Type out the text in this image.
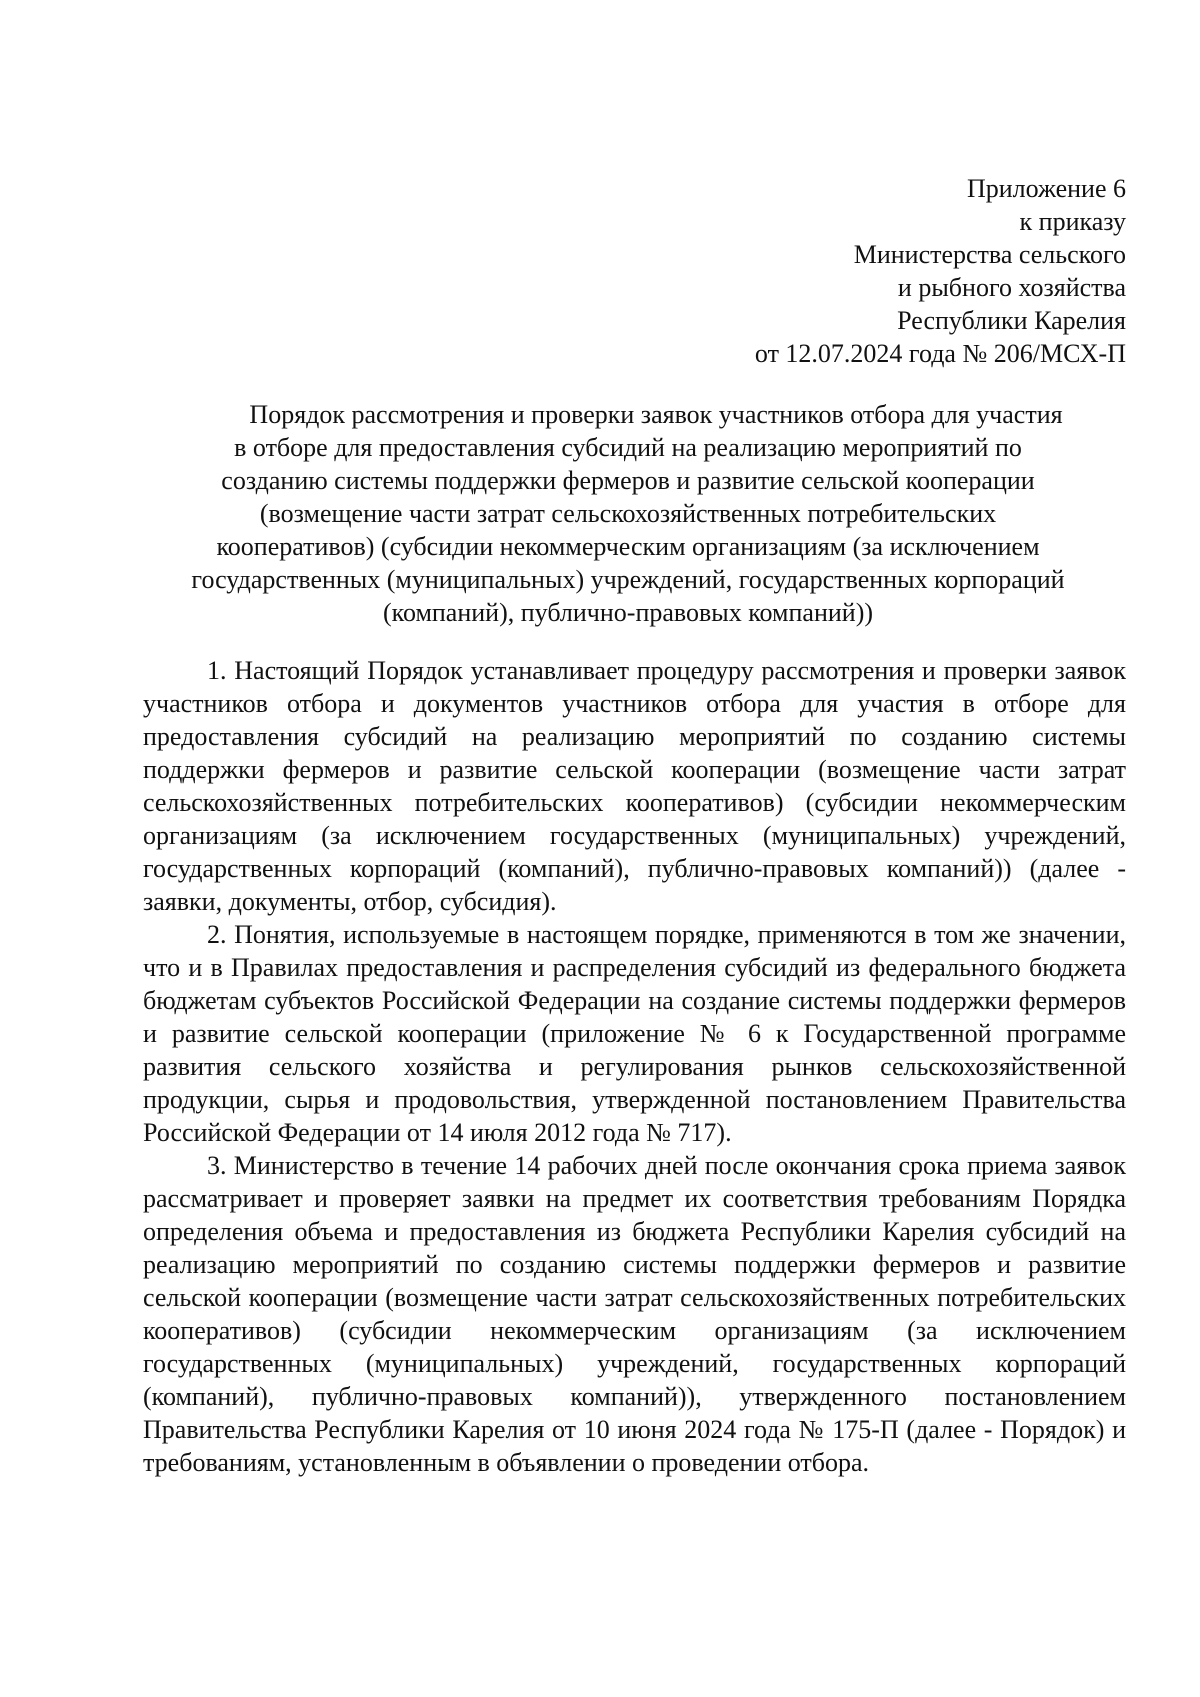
Приложение 6
к приказу
Министерства сельского
и рыбного хозяйства
Республики Карелия
от 12.07.2024 года № 206/МСХ-П
Порядок рассмотрения и проверки заявок участников отбора для участия
в отборе для предоставления субсидий на реализацию мероприятий по
созданию системы поддержки фермеров и развитие сельской кооперации
(возмещение части затрат сельскохозяйственных потребительских
кооперативов) (субсидии некоммерческим организациям (за исключением
государственных (муниципальных) учреждений, государственных корпораций
(компаний), публично-правовых компаний))

1. Настоящий Порядок устанавливает процедуру рассмотрения и проверки заявок участников отбора и документов участников отбора для участия в отборе для предоставления субсидий на реализацию мероприятий по созданию системы поддержки фермеров и развитие сельской кооперации (возмещение части затрат сельскохозяйственных потребительских кооперативов) (субсидии некоммерческим организациям (за исключением государственных (муниципальных) учреждений, государственных корпораций (компаний), публично-правовых компаний)) (далее - заявки, документы, отбор, субсидия).

2. Понятия, используемые в настоящем порядке, применяются в том же значении, что и в Правилах предоставления и распределения субсидий из федерального бюджета бюджетам субъектов Российской Федерации на создание системы поддержки фермеров и развитие сельской кооперации (приложение № 6 к Государственной программе развития сельского хозяйства и регулирования рынков сельскохозяйственной продукции, сырья и продовольствия, утвержденной постановлением Правительства Российской Федерации от 14 июля 2012 года № 717).

3. Министерство в течение 14 рабочих дней после окончания срока приема заявок рассматривает и проверяет заявки на предмет их соответствия требованиям Порядка определения объема и предоставления из бюджета Республики Карелия субсидий на реализацию мероприятий по созданию системы поддержки фермеров и развитие сельской кооперации (возмещение части затрат сельскохозяйственных потребительских кооперативов) (субсидии некоммерческим организациям (за исключением государственных (муниципальных) учреждений, государственных корпораций (компаний), публично-правовых компаний)), утвержденного постановлением Правительства Республики Карелия от 10 июня 2024 года № 175-П (далее - Порядок) и требованиям, установленным в объявлении о проведении отбора.
